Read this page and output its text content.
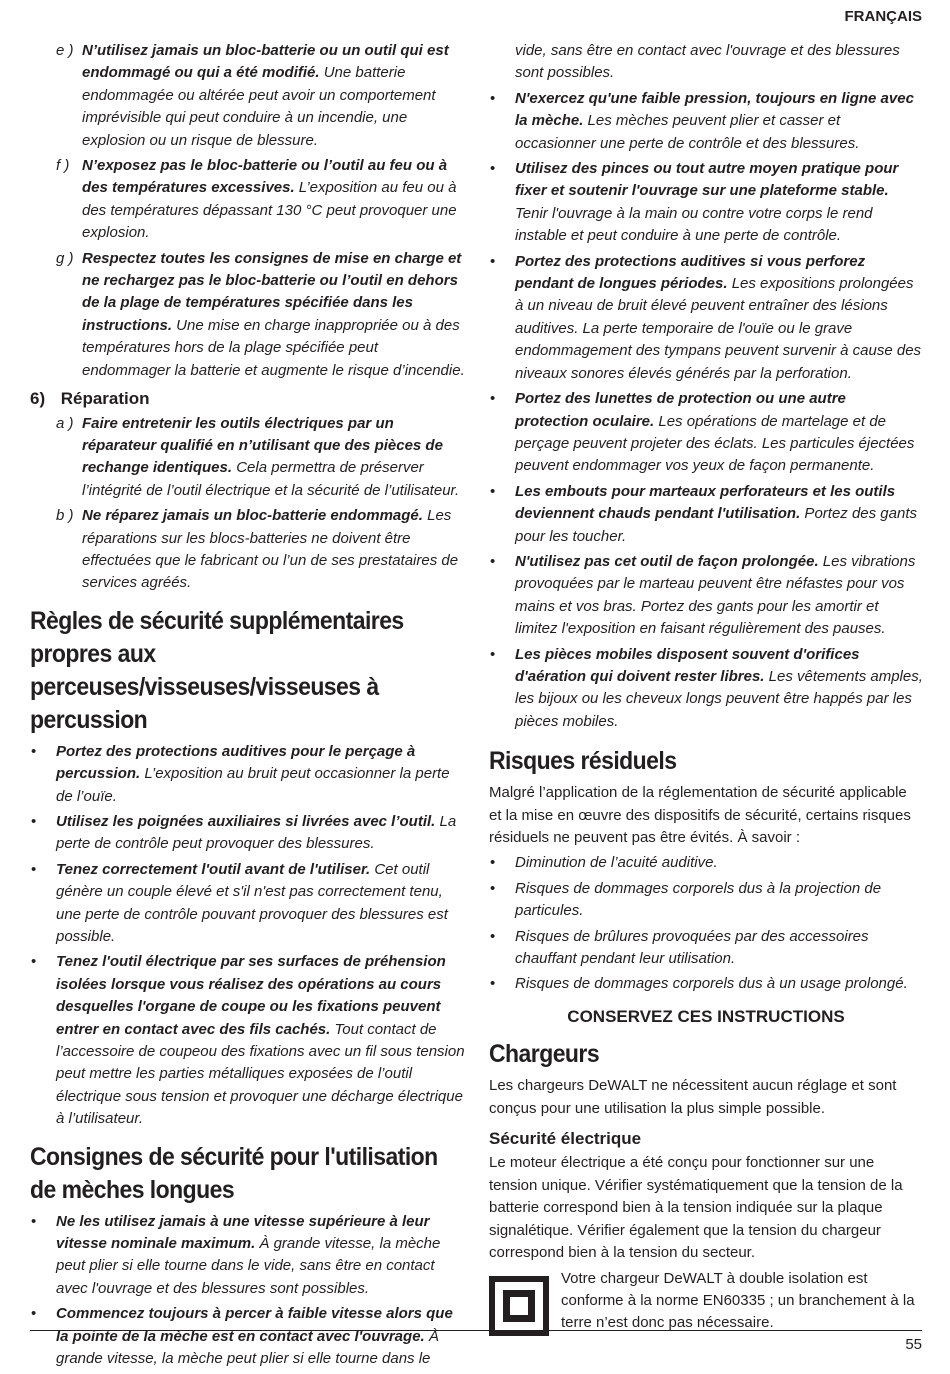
FRANÇAIS
e ) N’utilisez jamais un bloc-batterie ou un outil qui est endommagé ou qui a été modifié. Une batterie endommagée ou altérée peut avoir un comportement imprévisible qui peut conduire à un incendie, une explosion ou un risque de blessure.
f ) N’exposez pas le bloc-batterie ou l’outil au feu ou à des températures excessives. L’exposition au feu ou à des températures dépassant 130 °C peut provoquer une explosion.
g ) Respectez toutes les consignes de mise en charge et ne rechargez pas le bloc-batterie ou l’outil en dehors de la plage de températures spécifiée dans les instructions. Une mise en charge inappropriée ou à des températures hors de la plage spécifiée peut endommager la batterie et augmente le risque d’incendie.
6) Réparation
a ) Faire entretenir les outils électriques par un réparateur qualifié en n’utilisant que des pièces de rechange identiques. Cela permettra de préserver l’intégrité de l’outil électrique et la sécurité de l’utilisateur.
b ) Ne réparez jamais un bloc-batterie endommagé. Les réparations sur les blocs-batteries ne doivent être effectuées que le fabricant ou l’un de ses prestataires de services agréés.
Règles de sécurité supplémentaires propres aux perceuses/visseuses/visseuses à percussion
• Portez des protections auditives pour le perçage à percussion. L’exposition au bruit peut occasionner la perte de l’ouïe.
• Utilisez les poignées auxiliaires si livrées avec l’outil. La perte de contrôle peut provoquer des blessures.
• Tenez correctement l'outil avant de l'utiliser. Cet outil génère un couple élevé et s'il n'est pas correctement tenu, une perte de contrôle pouvant provoquer des blessures est possible.
• Tenez l'outil électrique par ses surfaces de préhension isolées lorsque vous réalisez des opérations au cours desquelles l'organe de coupe ou les fixations peuvent entrer en contact avec des fils cachés. Tout contact de l’accessoire de coupeou des fixations avec un fil sous tension peut mettre les parties métalliques exposées de l’outil électrique sous tension et provoquer une décharge électrique à l’utilisateur.
Consignes de sécurité pour l'utilisation de mèches longues
• Ne les utilisez jamais à une vitesse supérieure à leur vitesse nominale maximum. À grande vitesse, la mèche peut plier si elle tourne dans le vide, sans être en contact avec l'ouvrage et des blessures sont possibles.
• Commencez toujours à percer à faible vitesse alors que la pointe de la mèche est en contact avec l'ouvrage. À grande vitesse, la mèche peut plier si elle tourne dans le
vide, sans être en contact avec l'ouvrage et des blessures sont possibles.
• N'exercez qu'une faible pression, toujours en ligne avec la mèche. Les mèches peuvent plier et casser et occasionner une perte de contrôle et des blessures.
• Utilisez des pinces ou tout autre moyen pratique pour fixer et soutenir l'ouvrage sur une plateforme stable. Tenir l'ouvrage à la main ou contre votre corps le rend instable et peut conduire à une perte de contrôle.
• Portez des protections auditives si vous perforez pendant de longues périodes. Les expositions prolongées à un niveau de bruit élevé peuvent entraîner des lésions auditives. La perte temporaire de l'ouïe ou le grave endommagement des tympans peuvent survenir à cause des niveaux sonores élevés générés par la perforation.
• Portez des lunettes de protection ou une autre protection oculaire. Les opérations de martelage et de perçage peuvent projeter des éclats. Les particules éjectées peuvent endommager vos yeux de façon permanente.
• Les embouts pour marteaux perforateurs et les outils deviennent chauds pendant l'utilisation. Portez des gants pour les toucher.
• N'utilisez pas cet outil de façon prolongée. Les vibrations provoquées par le marteau peuvent être néfastes pour vos mains et vos bras. Portez des gants pour les amortir et limitez l'exposition en faisant régulièrement des pauses.
• Les pièces mobiles disposent souvent d'orifices d'aération qui doivent rester libres. Les vêtements amples, les bijoux ou les cheveux longs peuvent être happés par les pièces mobiles.
Risques résiduels
Malgré l’application de la réglementation de sécurité applicable et la mise en œuvre des dispositifs de sécurité, certains risques résiduels ne peuvent pas être évités. À savoir :
• Diminution de l’acuité auditive.
• Risques de dommages corporels dus à la projection de particules.
• Risques de brûlures provoquées par des accessoires chauffant pendant leur utilisation.
• Risques de dommages corporels dus à un usage prolongé.
CONSERVEZ CES INSTRUCTIONS
Chargeurs
Les chargeurs DeWALT ne nécessitent aucun réglage et sont conçus pour une utilisation la plus simple possible.
Sécurité électrique
Le moteur électrique a été conçu pour fonctionner sur une tension unique. Vérifier systématiquement que la tension de la batterie correspond bien à la tension indiquée sur la plaque signalétique. Vérifier également que la tension du chargeur correspond bien à la tension du secteur.
Votre chargeur DeWALT à double isolation est conforme à la norme EN60335 ; un branchement à la terre n’est donc pas nécessaire.
55
